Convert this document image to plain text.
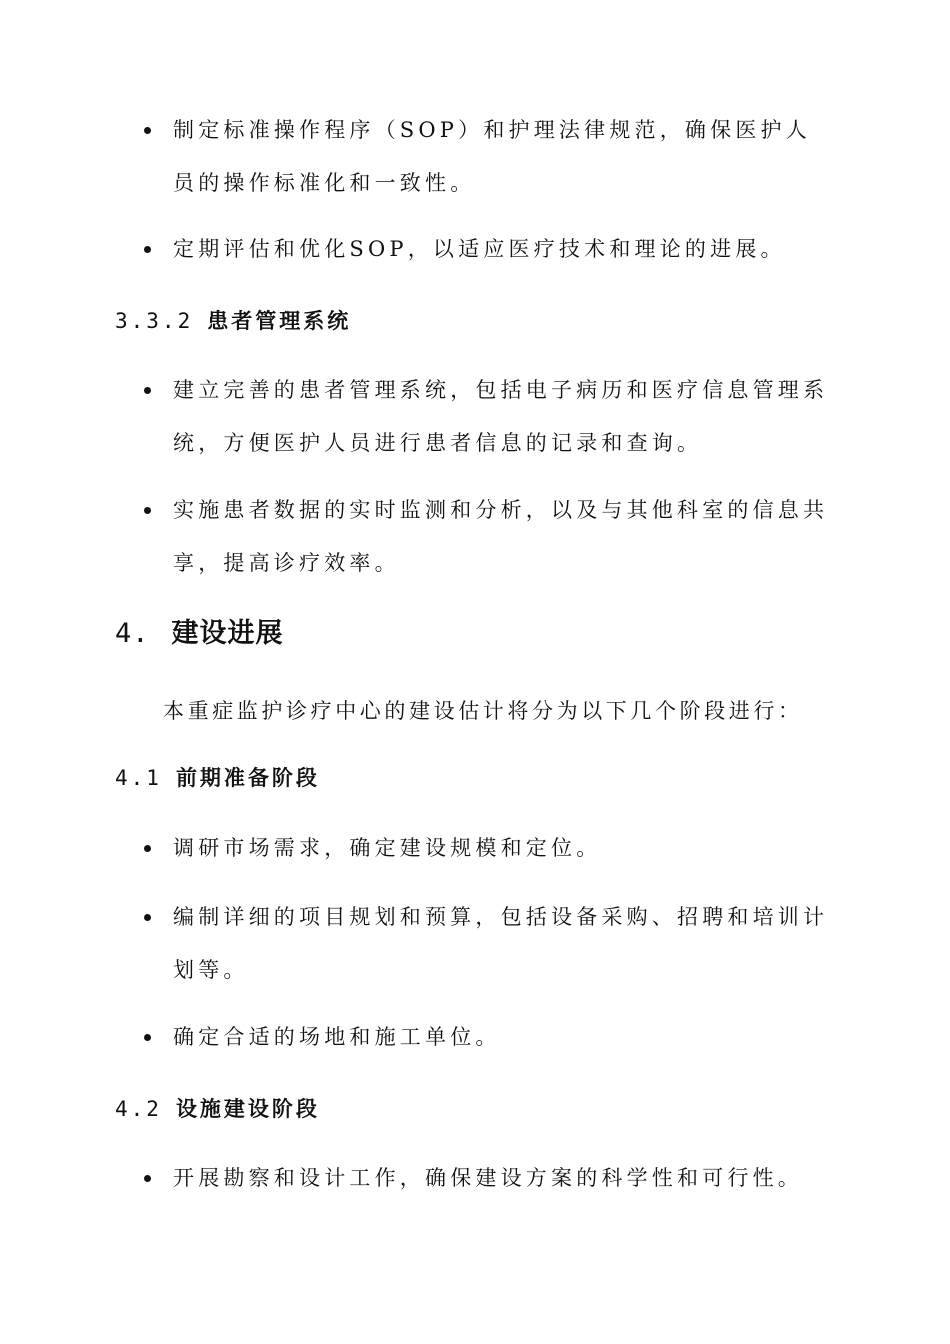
制定标准操作程序（SOP）和护理法律规范，确保医护人员的操作标准化和一致性。
定期评估和优化SOP，以适应医疗技术和理论的进展。
3.3.2 患者管理系统
建立完善的患者管理系统，包括电子病历和医疗信息管理系统，方便医护人员进行患者信息的记录和查询。
实施患者数据的实时监测和分析，以及与其他科室的信息共享，提高诊疗效率。
4. 建设进展
本重症监护诊疗中心的建设估计将分为以下几个阶段进行：
4.1 前期准备阶段
调研市场需求，确定建设规模和定位。
编制详细的项目规划和预算，包括设备采购、招聘和培训计划等。
确定合适的场地和施工单位。
4.2 设施建设阶段
开展勘察和设计工作，确保建设方案的科学性和可行性。
